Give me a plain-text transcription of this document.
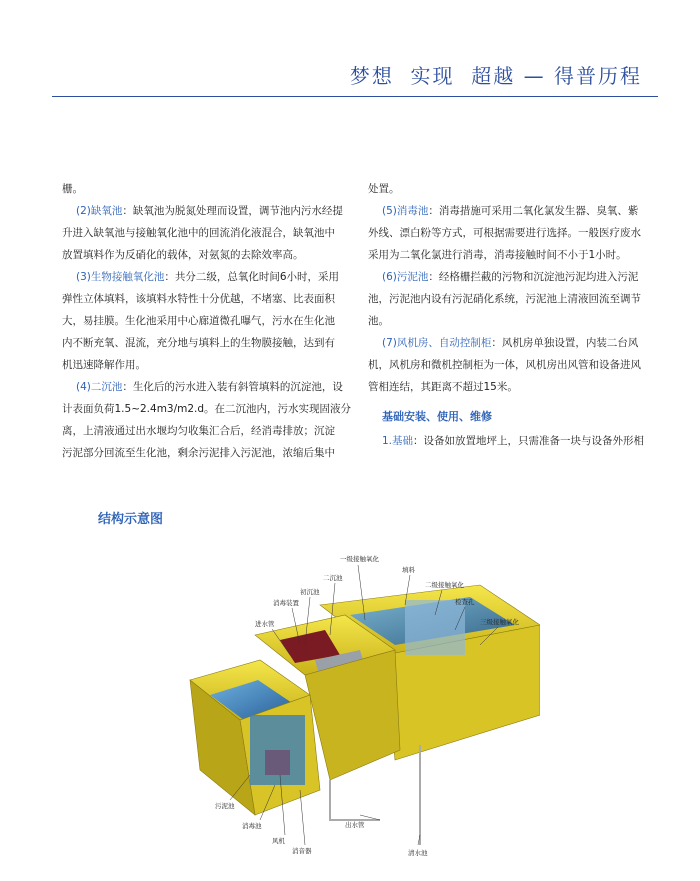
梦想  实现  超越 — 得普历程
栅。
(2)缺氧池：缺氧池为脱氮处理而设置，调节池内污水经提
升进入缺氧池与接触氧化池中的回流消化液混合，缺氧池中
放置填料作为反硝化的载体，对氨氮的去除效率高。
(3)生物接触氧化池：共分二级，总氧化时间6小时，采用
弹性立体填料，该填料水特性十分优越，不堵塞、比表面积
大，易挂膜。生化池采用中心廊道微孔曝气，污水在生化池
内不断充氧、混流，充分地与填料上的生物膜接触，达到有
机迅速降解作用。
(4)二沉池：生化后的污水进入装有斜管填料的沉淀池，设
计表面负荷1.5~2.4m3/m2.d。在二沉池内，污水实现固液分
离，上清液通过出水堰均匀收集汇合后，经消毒排放；沉淀
污泥部分回流至生化池，剩余污泥排入污泥池，浓缩后集中
处置。
(5)消毒池：消毒措施可采用二氧化氯发生器、臭氧、紫
外线、漂白粉等方式，可根据需要进行选择。一般医疗废水
采用为二氧化氯进行消毒，消毒接触时间不小于1小时。
(6)污泥池：经格栅拦截的污物和沉淀池污泥均进入污泥
池，污泥池内设有污泥硝化系统，污泥池上清液回流至调节
池。
(7)风机房、自动控制柜：风机房单独设置，内装二台风
机，风机房和微机控制柜为一体，风机房出风管和设备进风
管相连结，其距离不超过15米。
基础安装、使用、维修
1.基础：设备如放置地坪上，只需准备一块与设备外形相
结构示意图
一级接触氧化
填料
二沉池
初沉池
二级接触氧化
消毒装置	检查孔
三级接触氧化
进水管
污泥池
消毒池	出水管
风机
消音器	清水池
